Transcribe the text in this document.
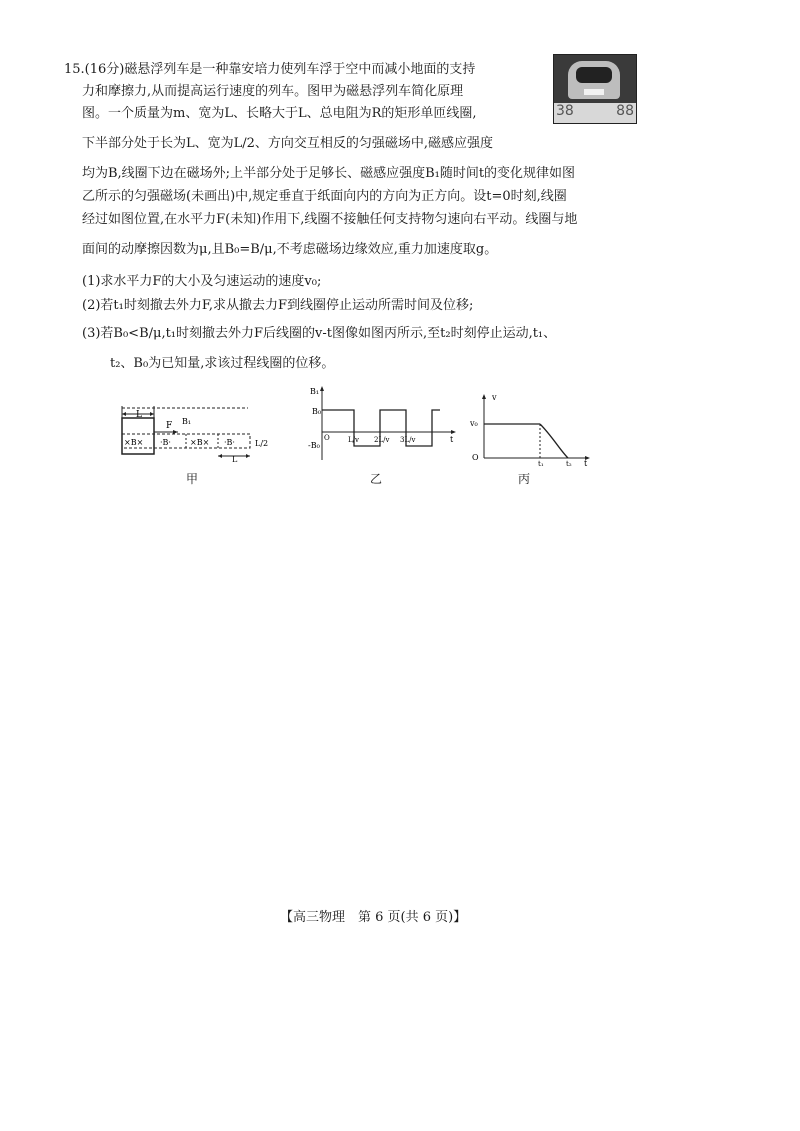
15.(16分)磁悬浮列车是一种靠安培力使列车浮于空中而减小地面的支持
力和摩擦力,从而提高运行速度的列车。图甲为磁悬浮列车简化原理
图。一个质量为m、宽为L、长略大于L、总电阻为R的矩形单匝线圈,
下半部分处于长为L、宽为L/2、方向交互相反的匀强磁场中,磁感应强度
均为B,线圈下边在磁场外;上半部分处于足够长、磁感应强度B₁随时间t的变化规律如图
乙所示的匀强磁场(未画出)中,规定垂直于纸面向内的方向为正方向。设t=0时刻,线圈
经过如图位置,在水平力F(未知)作用下,线圈不接触任何支持物匀速向右平动。线圈与地
面间的动摩擦因数为μ,且B₀=B/μ,不考虑磁场边缘效应,重力加速度取g。
(1)求水平力F的大小及匀速运动的速度v₀;
(2)若t₁时刻撤去外力F,求从撤去力F到线圈停止运动所需时间及位移;
(3)若B₀<B/μ,t₁时刻撤去外力F后线圈的v-t图像如图丙所示,至t₂时刻停止运动,t₁、
t₂、B₀为已知量,求该过程线圈的位移。
38	88
L
F B₁
×B× ·B· ×B× ·B·
L
L/2
甲
B₁
t
B₀
-B₀
O	L/v 2L/v 3L/v
乙
v
t
v₀
O
t₁	t₂
丙
【高三物理　第 6 页(共 6 页)】
